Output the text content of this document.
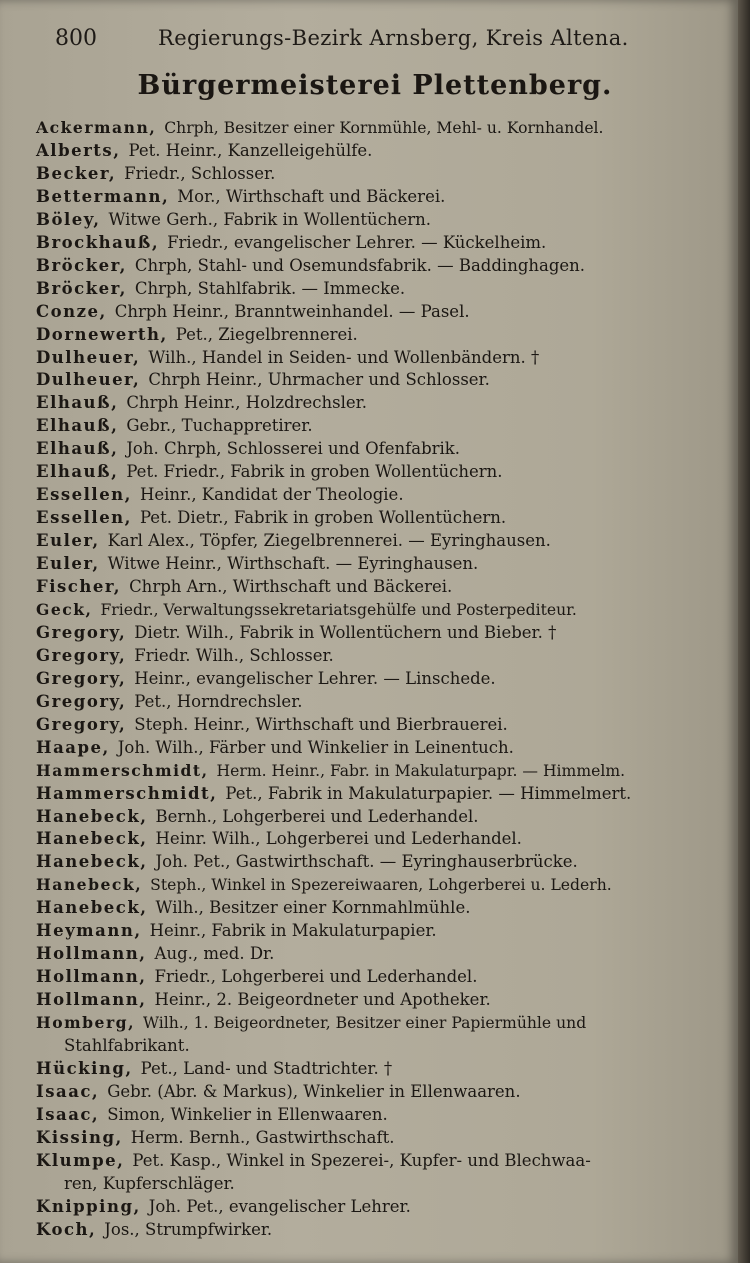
800	Regierungs-Bezirk Arnsberg, Kreis Altena.
Bürgermeisterei Plettenberg.
Ackermann, Chrph, Besitzer einer Kornmühle, Mehl- u. Kornhandel.
Alberts, Pet. Heinr., Kanzelleigehülfe.
Becker, Friedr., Schlosser.
Bettermann, Mor., Wirthschaft und Bäckerei.
Böley, Witwe Gerh., Fabrik in Wollentüchern.
Brockhauß, Friedr., evangelischer Lehrer. — Kückelheim.
Bröcker, Chrph, Stahl- und Osemundsfabrik. — Baddinghagen.
Bröcker, Chrph, Stahlfabrik. — Immecke.
Conze, Chrph Heinr., Branntweinhandel. — Pasel.
Dornewerth, Pet., Ziegelbrennerei.
Dulheuer, Wilh., Handel in Seiden- und Wollenbändern. †
Dulheuer, Chrph Heinr., Uhrmacher und Schlosser.
Elhauß, Chrph Heinr., Holzdrechsler.
Elhauß, Gebr., Tuchappretirer.
Elhauß, Joh. Chrph, Schlosserei und Ofenfabrik.
Elhauß, Pet. Friedr., Fabrik in groben Wollentüchern.
Essellen, Heinr., Kandidat der Theologie.
Essellen, Pet. Dietr., Fabrik in groben Wollentüchern.
Euler, Karl Alex., Töpfer, Ziegelbrennerei. — Eyringhausen.
Euler, Witwe Heinr., Wirthschaft. — Eyringhausen.
Fischer, Chrph Arn., Wirthschaft und Bäckerei.
Geck, Friedr., Verwaltungssekretariatsgehülfe und Posterpediteur.
Gregory, Dietr. Wilh., Fabrik in Wollentüchern und Bieber. †
Gregory, Friedr. Wilh., Schlosser.
Gregory, Heinr., evangelischer Lehrer. — Linschede.
Gregory, Pet., Horndrechsler.
Gregory, Steph. Heinr., Wirthschaft und Bierbrauerei.
Haape, Joh. Wilh., Färber und Winkelier in Leinentuch.
Hammerschmidt, Herm. Heinr., Fabr. in Makulaturpapr. — Himmelm.
Hammerschmidt, Pet., Fabrik in Makulaturpapier. — Himmelmert.
Hanebeck, Bernh., Lohgerberei und Lederhandel.
Hanebeck, Heinr. Wilh., Lohgerberei und Lederhandel.
Hanebeck, Joh. Pet., Gastwirthschaft. — Eyringhauserbrücke.
Hanebeck, Steph., Winkel in Spezereiwaaren, Lohgerberei u. Lederh.
Hanebeck, Wilh., Besitzer einer Kornmahlmühle.
Heymann, Heinr., Fabrik in Makulaturpapier.
Hollmann, Aug., med. Dr.
Hollmann, Friedr., Lohgerberei und Lederhandel.
Hollmann, Heinr., 2. Beigeordneter und Apotheker.
Homberg, Wilh., 1. Beigeordneter, Besitzer einer Papiermühle und
Stahlfabrikant.
Hücking, Pet., Land- und Stadtrichter. †
Isaac, Gebr. (Abr. & Markus), Winkelier in Ellenwaaren.
Isaac, Simon, Winkelier in Ellenwaaren.
Kissing, Herm. Bernh., Gastwirthschaft.
Klumpe, Pet. Kasp., Winkel in Spezerei-, Kupfer- und Blechwaa-
ren, Kupferschläger.
Knipping, Joh. Pet., evangelischer Lehrer.
Koch, Jos., Strumpfwirker.
